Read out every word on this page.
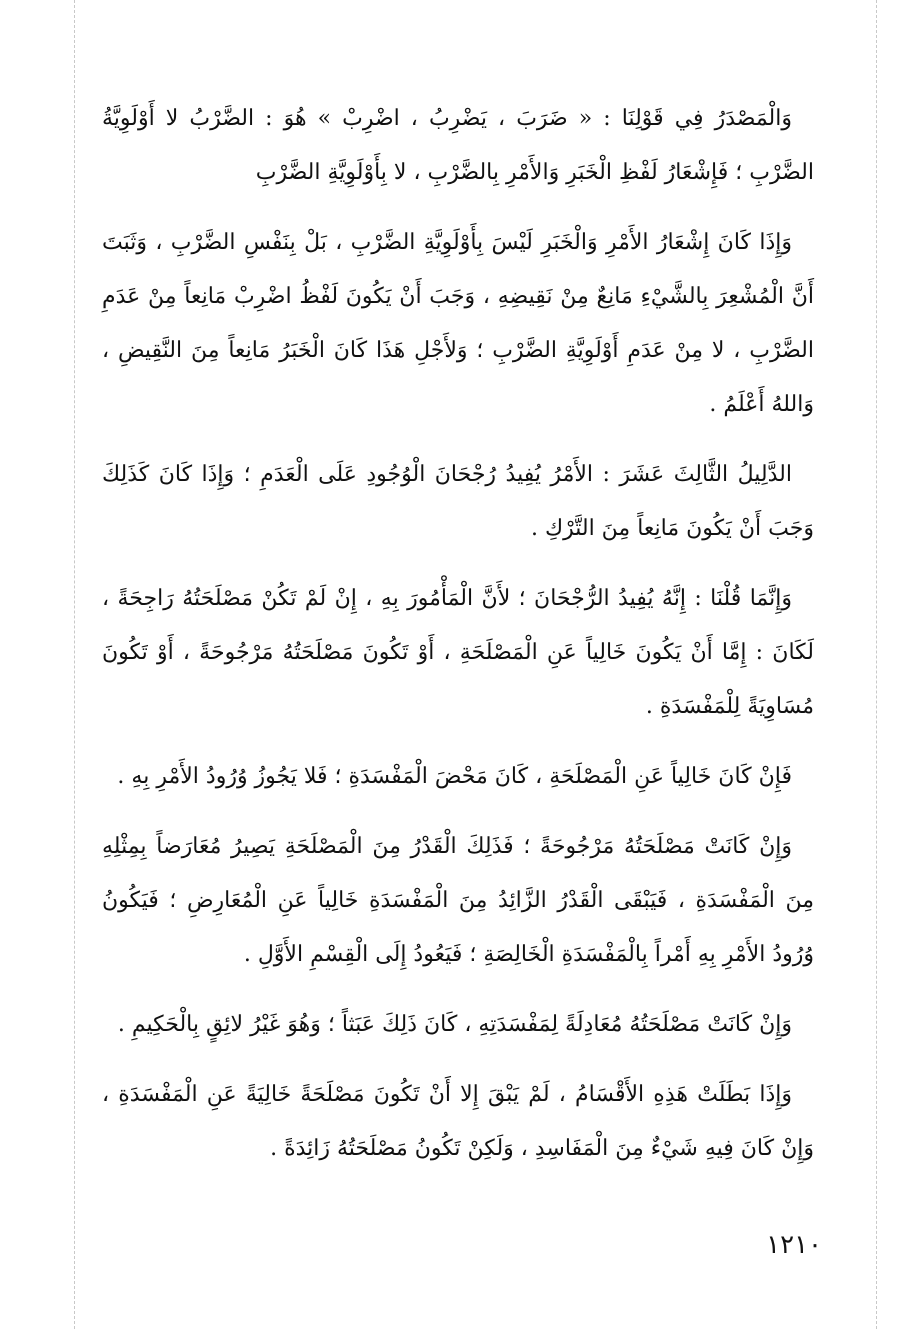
وَالْمَصْدَرُ فِي قَوْلِنَا : « ضَرَبَ ، يَضْرِبُ ، اضْرِبْ » هُوَ : الضَّرْبُ لا أَوْلَوِيَّةُ الضَّرْبِ ؛ فَإِشْعَارُ لَفْظِ الْخَبَرِ وَالأَمْرِ بِالضَّرْبِ ، لا بِأَوْلَوِيَّةِ الضَّرْبِ

وَإِذَا كَانَ إِشْعَارُ الأَمْرِ وَالْخَبَرِ لَيْسَ بِأَوْلَوِيَّةِ الضَّرْبِ ، بَلْ بِنَفْسِ الضَّرْبِ ، وَثَبَتَ أَنَّ الْمُشْعِرَ بِالشَّيْءِ مَانِعٌ مِنْ نَقِيضِهِ ، وَجَبَ أَنْ يَكُونَ لَفْظُ اضْرِبْ مَانِعاً مِنْ عَدَمِ الضَّرْبِ ، لا مِنْ عَدَمِ أَوْلَوِيَّةِ الضَّرْبِ ؛ وَلأَجْلِ هَذَا كَانَ الْخَبَرُ مَانِعاً مِنَ النَّقِيضِ ، وَاللهُ أَعْلَمُ .

الدَّلِيلُ الثَّالِثَ عَشَرَ : الأَمْرُ يُفِيدُ رُجْحَانَ الْوُجُودِ عَلَى الْعَدَمِ ؛ وَإِذَا كَانَ كَذَلِكَ وَجَبَ أَنْ يَكُونَ مَانِعاً مِنَ التَّرْكِ .

وَإِنَّمَا قُلْنَا : إِنَّهُ يُفِيدُ الرُّجْحَانَ ؛ لأَنَّ الْمَأْمُورَ بِهِ ، إِنْ لَمْ تَكُنْ مَصْلَحَتُهُ رَاجِحَةً ، لَكَانَ : إِمَّا أَنْ يَكُونَ خَالِياً عَنِ الْمَصْلَحَةِ ، أَوْ تَكُونَ مَصْلَحَتُهُ مَرْجُوحَةً ، أَوْ تَكُونَ مُسَاوِيَةً لِلْمَفْسَدَةِ .

فَإِنْ كَانَ خَالِياً عَنِ الْمَصْلَحَةِ ، كَانَ مَحْضَ الْمَفْسَدَةِ ؛ فَلا يَجُوزُ وُرُودُ الأَمْرِ بِهِ .

وَإِنْ كَانَتْ مَصْلَحَتُهُ مَرْجُوحَةً ؛ فَذَلِكَ الْقَدْرُ مِنَ الْمَصْلَحَةِ يَصِيرُ مُعَارَضاً بِمِثْلِهِ مِنَ الْمَفْسَدَةِ ، فَيَبْقَى الْقَدْرُ الزَّائِدُ مِنَ الْمَفْسَدَةِ خَالِياً عَنِ الْمُعَارِضِ ؛ فَيَكُونُ وُرُودُ الأَمْرِ بِهِ أَمْراً بِالْمَفْسَدَةِ الْخَالِصَةِ ؛ فَيَعُودُ إِلَى الْقِسْمِ الأَوَّلِ .

وَإِنْ كَانَتْ مَصْلَحَتُهُ مُعَادِلَةً لِمَفْسَدَتِهِ ، كَانَ ذَلِكَ عَبَثاً ؛ وَهُوَ غَيْرُ لائِقٍ بِالْحَكِيمِ .

وَإِذَا بَطَلَتْ هَذِهِ الأَقْسَامُ ، لَمْ يَبْقَ إِلا أَنْ تَكُونَ مَصْلَحَةً خَالِيَةً عَنِ الْمَفْسَدَةِ ، وَإِنْ كَانَ فِيهِ شَيْءٌ مِنَ الْمَفَاسِدِ ، وَلَكِنْ تَكُونُ مَصْلَحَتُهُ زَائِدَةً .

١٢١٠
